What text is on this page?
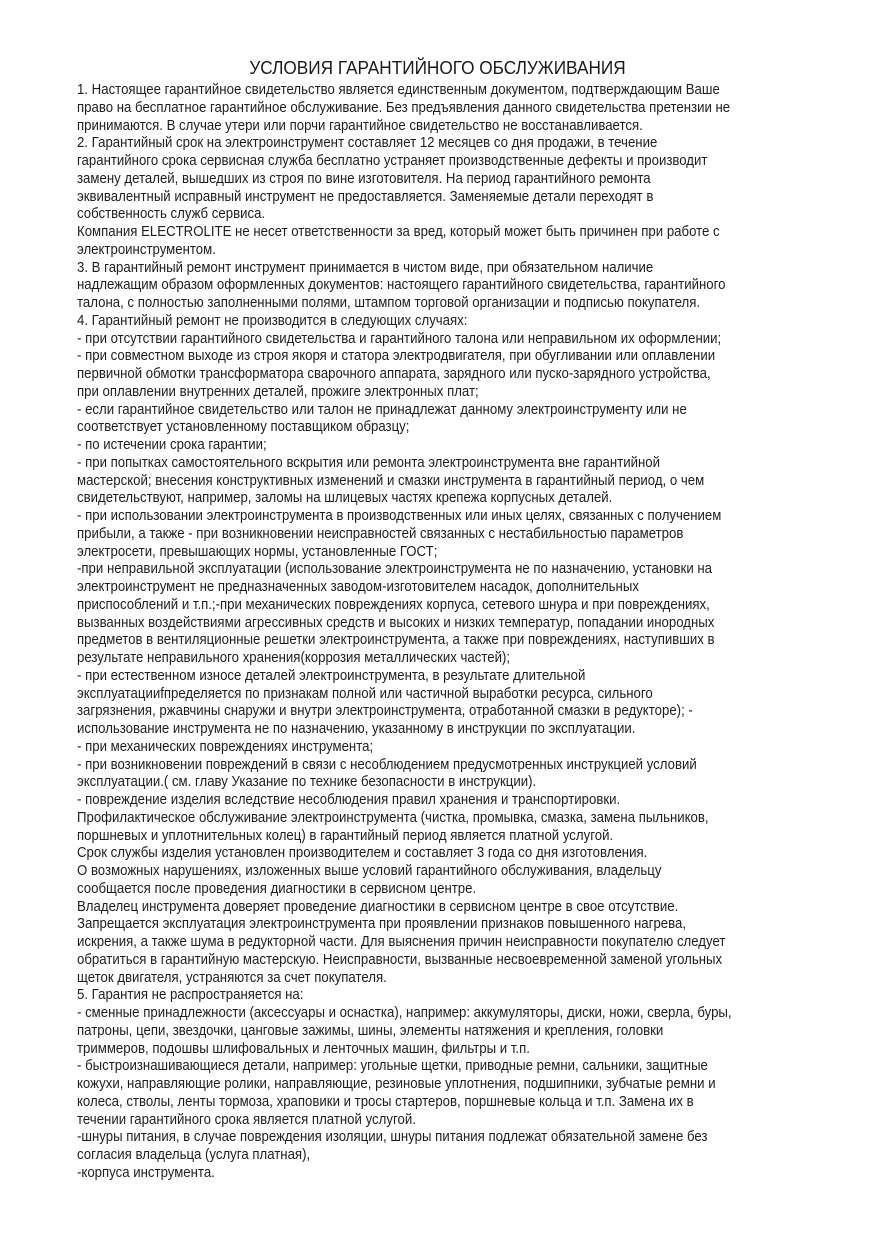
УСЛОВИЯ ГАРАНТИЙНОГО ОБСЛУЖИВАНИЯ
1. Настоящее гарантийное свидетельство является единственным документом, подтверждающим Ваше
право на бесплатное гарантийное обслуживание. Без предъявления данного свидетельства претензии не
принимаются. В случае утери или порчи гарантийное свидетельство не восстанавливается.
2. Гарантийный срок на электроинструмент составляет 12 месяцев со дня продажи, в течение
гарантийного срока сервисная служба бесплатно устраняет производственные дефекты и производит
замену деталей, вышедших из строя по вине изготовителя. На период гарантийного ремонта
эквивалентный исправный инструмент не предоставляется. Заменяемые детали переходят в
собственность служб сервиса.
Компания ELECTROLITE не несет ответственности за вред, который может быть причинен при работе с
электроинструментом.
3. В гарантийный ремонт инструмент принимается в чистом виде, при обязательном наличие
надлежащим образом оформленных документов: настоящего гарантийного свидетельства, гарантийного
талона, с полностью заполненными полями, штампом торговой организации и подписью покупателя.
4. Гарантийный ремонт не производится в следующих случаях:
- при отсутствии гарантийного свидетельства и гарантийного талона или неправильном их оформлении;
- при совместном выходе из строя якоря и статора электродвигателя, при обугливании или оплавлении
первичной обмотки трансформатора сварочного аппарата, зарядного или пуско-зарядного устройства,
при оплавлении внутренних деталей, прожиге электронных плат;
- если гарантийное свидетельство или талон не принадлежат данному электроинструменту или не
соответствует установленному поставщиком образцу;
- по истечении срока гарантии;
- при попытках самостоятельного вскрытия или ремонта электроинструмента вне гарантийной
мастерской; внесения конструктивных изменений и смазки инструмента в гарантийный период, о чем
свидетельствуют, например, заломы на шлицевых частях крепежа корпусных деталей.
- при использовании электроинструмента в производственных или иных целях, связанных с получением
прибыли, а также - при возникновении неисправностей связанных с нестабильностью параметров
электросети, превышающих нормы, установленные ГОСТ;
-при неправильной эксплуатации (использование электроинструмента не по назначению, установки на
электроинструмент не предназначенных заводом-изготовителем насадок, дополнительных
приспособлений и т.п.;-при механических повреждениях корпуса, сетевого шнура и при повреждениях,
вызванных воздействиями агрессивных средств и высоких и низких температур, попадании инородных
предметов в вентиляционные решетки электроинструмента, а также при повреждениях, наступивших в
результате неправильного хранения(коррозия металлических частей);
- при естественном износе деталей электроинструмента, в результате длительной
эксплуатацииfпределяется по признакам полной или частичной выработки ресурса, сильного
загрязнения, ржавчины снаружи и внутри электроинструмента, отработанной смазки в редукторе); -
использование инструмента не по назначению, указанному в инструкции по эксплуатации.
- при механических повреждениях инструмента;
- при возникновении повреждений в связи с несоблюдением предусмотренных инструкцией условий
эксплуатации.( см. главу Указание по технике безопасности в инструкции).
- повреждение изделия вследствие несоблюдения правил хранения и транспортировки.
Профилактическое обслуживание электроинструмента (чистка, промывка, смазка, замена пыльников,
поршневых и уплотнительных колец) в гарантийный период является платной услугой.
Срок службы изделия установлен производителем и составляет 3 года со дня изготовления.
О возможных нарушениях, изложенных выше условий гарантийного обслуживания, владельцу
сообщается после проведения диагностики в сервисном центре.
Владелец инструмента доверяет проведение диагностики в сервисном центре в свое отсутствие.
Запрещается эксплуатация электроинструмента при проявлении признаков повышенного нагрева,
искрения, а также шума в редукторной части. Для выяснения причин неисправности покупателю следует
обратиться в гарантийную мастерскую. Неисправности, вызванные несвоевременной заменой угольных
щеток двигателя, устраняются за счет покупателя.
5. Гарантия не распространяется на:
- сменные принадлежности (аксессуары и оснастка), например: аккумуляторы, диски, ножи, сверла, буры,
патроны, цепи, звездочки, цанговые зажимы, шины, элементы натяжения и крепления, головки
триммеров, подошвы шлифовальных и ленточных машин, фильтры и т.п.
- быстроизнашивающиеся детали, например: угольные щетки, приводные ремни, сальники, защитные
кожухи, направляющие ролики, направляющие, резиновые уплотнения, подшипники, зубчатые ремни и
колеса, стволы, ленты тормоза, храповики и тросы стартеров, поршневые кольца и т.п. Замена их в
течении гарантийного срока является платной услугой.
-шнуры питания, в случае повреждения изоляции, шнуры питания подлежат обязательной замене без
согласия владельца (услуга платная),
-корпуса инструмента.
